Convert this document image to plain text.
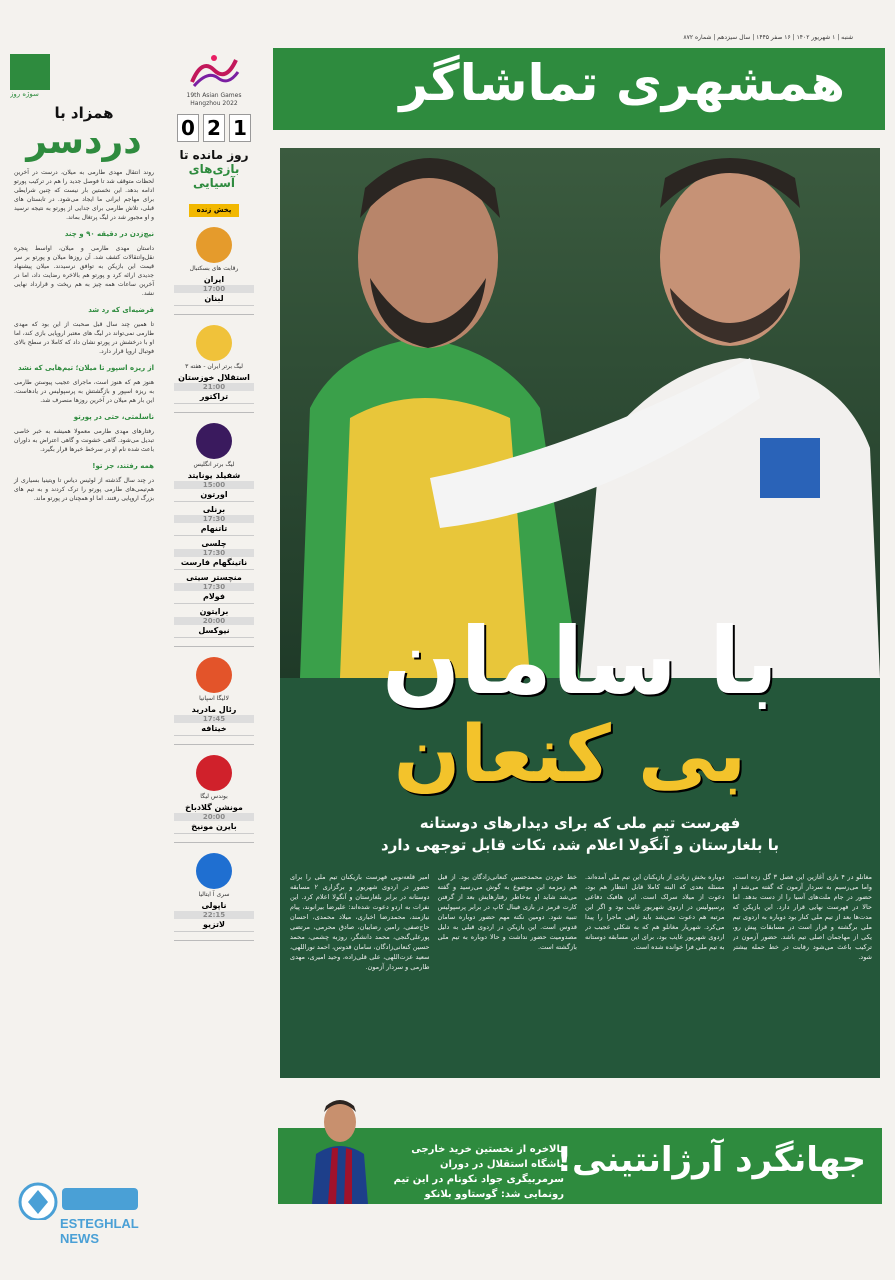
سوژه روز
همزاد با
دردسر
روند انتقال مهدی طارمی به میلان، درست در آخرین لحظات متوقف شد تا فوصل جدید را هم در ترکیب پورتو ادامه بدهد. این نخستین بار نیست که چنین شرایطی برای مهاجم ایرانی ما ایجاد می‌شود. در تابستان های قبلی، تلاش طارمی برای جدایی از پورتو به نتیجه نرسید و او مجبور شد در لیگ پرتغال بماند.
نیچ‌زدن در دقیقه ۹۰ و چند
داستان مهدی طارمی و میلان، اواسط پنجره نقل‌وانتقالات کشف شد. آن روزها میلان و پورتو بر سر قیمت این بازیکن به توافق نرسیدند. میلان پیشنهاد جدیدی ارائه کرد و پورتو هم بالاخره رضایت داد، اما در آخرین ساعات همه چیز به هم ریخت و قرارداد نهایی نشد.
فرضیه‌ای که رد شد
تا همین چند سال قبل صحبت از این بود که مهدی طارمی نمی‌تواند در لیگ های معتبر اروپایی بازی کند، اما او با درخشش در پورتو نشان داد که کاملا در سطح بالای فوتبال اروپا قرار دارد.
از ریزه اسپور تا میلان؛ تیم‌هایی که نشد
هنوز هم که هنوز است، ماجرای عجیب پیوستن طارمی به ریزه اسپور و بازگشتش به پرسپولیس در یادهاست. این بار هم میلان در آخرین روزها منصرف شد.
ناسلمتی، حتی در پورتو
رفتارهای مهدی طارمی معمولا همیشه به خبر خاصی تبدیل می‌شود. گاهی خشونت و گاهی اعتراض به داوران باعث شده نام او در سرخط خبرها قرار بگیرد.
همه رفتند، جز تو!
در چند سال گذشته از لوئیس دیاس تا ویتینیا بسیاری از هم‌تیمی‌های طارمی پورتو را ترک کردند و به تیم های بزرگ اروپایی رفتند. اما او همچنان در پورتو ماند.
19th Asian Games
Hangzhou 2022
0 2 1
روز مانده تا
بازی‌های
آسیایی
پخش زنده
رقابت های بسکتبال
ایران
17:00
لبنان
لیگ برتر ایران - هفته ۳
استقلال خوزستان
21:00
تراکتور
لیگ برتر انگلیس
شفیلد یونایتد
15:00
اورتون
برنلی
17:30
تاتنهام
چلسی
17:30
ناتینگهام فارست
منچستر سیتی
17:30
فولام
برایتون
20:00
نیوکسل
لالیگا اسپانیا
رئال مادرید
17:45
خیتافه
بوندس لیگا
مونشن گلادباخ
20:00
بایرن مونیخ
سری آ ایتالیا
ناپولی
22:15
لاتزیو
شنبه | ۱ شهریور ۱۴۰۲ | ۱۶ صفر ۱۴۴۵ | سال سیزدهم | شماره ۸۷۲
همشهری تماشاگر
با سامان
بی کنعان
فهرست تیم ملی که برای دیدارهای دوستانه
با بلغارستان و آنگولا اعلام شد، نکات قابل توجهی دارد
امیر قلعه‌نویی فهرست بازیکنان تیم ملی را برای حضور در اردوی شهریور و برگزاری ۲ مسابقه دوستانه در برابر بلغارستان و آنگولا اعلام کرد. این نفرات به اردو دعوت شده‌اند: علیرضا بیرانوند، پیام نیازمند، محمدرضا اخباری، میلاد محمدی، احسان حاج‌صفی، رامین رضاییان، صادق محرمی، مرتضی پورعلی‌گنجی، محمد دانشگر، روزبه چشمی، محمد حسین کنعانی‌زادگان، سامان قدوس، احمد نوراللهی، سعید عزت‌اللهی، علی قلی‌زاده، وحید امیری، مهدی طارمی و سردار آزمون.
خط خوردن محمدحسین کنعانی‌زادگان بود. از قبل هم زمزمه این موضوع به گوش می‌رسید و گفته می‌شد شاید او به‌خاطر رفتارهایش بعد از گرفتن کارت قرمز در بازی فینال کاپ در برابر پرسپولیس تنبیه شود. دومین نکته مهم حضور دوباره سامان قدوس است. این بازیکن در اردوی قبلی به دلیل مصدومیت حضور نداشت و حالا دوباره به تیم ملی بازگشته است.
دوباره بخش زیادی از بازیکنان این تیم ملی آمده‌اند. مسئله بعدی که البته کاملا قابل انتظار هم بود، دعوت از میلاد سرلک است. این هافبک دفاعی پرسپولیس در اردوی شهریور غایب بود و اگر این مرتبه هم دعوت نمی‌شد باید راهی ماجرا را پیدا می‌کرد. شهریار مغانلو هم که به شکلی عجیب در اردوی شهریور غایب بود، برای این مسابقه دوستانه به تیم ملی فرا خوانده شده است.
مغانلو در ۴ بازی آغازین این فصل ۳ گل زده است. واما می‌رسیم به سردار آزمون که گفته می‌شد او حضور در جام ملت‌های آسیا را از دست بدهد. اما حالا در فهرست نهایی قرار دارد. این بازیکن که مدت‌ها بعد از تیم ملی کنار بود دوباره به اردوی تیم ملی برگشته و قرار است در مسابقات پیش رو، یکی از مهاجمان اصلی تیم باشد. حضور آزمون در ترکیب باعث می‌شود رقابت در خط حمله بیشتر شود.
جهانگرد آرژانتینی!
بالاخره از نخستین خرید خارجی باشگاه استقلال در دوران سرمربیگری جواد نکونام در این تیم رونمایی شد: گوستاوو بلانکو
ESTEGHLAL NEWS
